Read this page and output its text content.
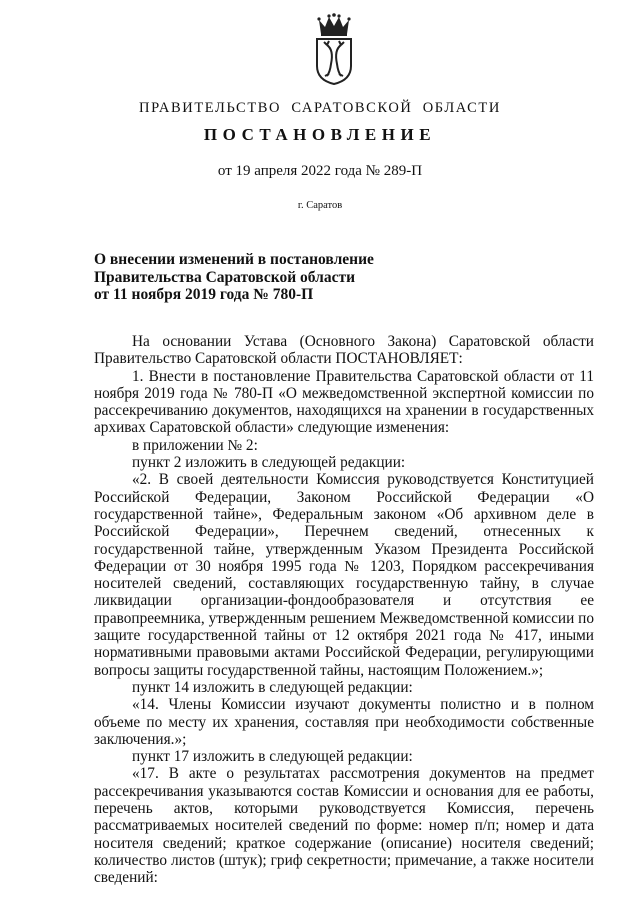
ПРАВИТЕЛЬСТВО САРАТОВСКОЙ ОБЛАСТИ
ПОСТАНОВЛЕНИЕ
от 19 апреля 2022 года № 289-П
г. Саратов
О внесении изменений в постановление
Правительства Саратовской области
от 11 ноября 2019 года № 780-П

На основании Устава (Основного Закона) Саратовской области Правительство Саратовской области ПОСТАНОВЛЯЕТ:

1. Внести в постановление Правительства Саратовской области от 11 ноября 2019 года № 780-П «О межведомственной экспертной комиссии по рассекречиванию документов, находящихся на хранении в государственных архивах Саратовской области» следующие изменения:

в приложении № 2:

пункт 2 изложить в следующей редакции:

«2. В своей деятельности Комиссия руководствуется Конституцией Российской Федерации, Законом Российской Федерации «О государственной тайне», Федеральным законом «Об архивном деле в Российской Федерации», Перечнем сведений, отнесенных к государственной тайне, утвержденным Указом Президента Российской Федерации от 30 ноября 1995 года № 1203, Порядком рассекречивания носителей сведений, составляющих государственную тайну, в случае ликвидации организации-фондообразователя и отсутствия ее правопреемника, утвержденным решением Межведомственной комиссии по защите государственной тайны от 12 октября 2021 года № 417, иными нормативными правовыми актами Российской Федерации, регулирующими вопросы защиты государственной тайны, настоящим Положением.»;

пункт 14 изложить в следующей редакции:

«14. Члены Комиссии изучают документы полистно и в полном объеме по месту их хранения, составляя при необходимости собственные заключения.»;

пункт 17 изложить в следующей редакции:

«17. В акте о результатах рассмотрения документов на предмет рассекречивания указываются состав Комиссии и основания для ее работы, перечень актов, которыми руководствуется Комиссия, перечень рассматриваемых носителей сведений по форме: номер п/п; номер и дата носителя сведений; краткое содержание (описание) носителя сведений; количество листов (штук); гриф секретности; примечание, а также носители сведений:
